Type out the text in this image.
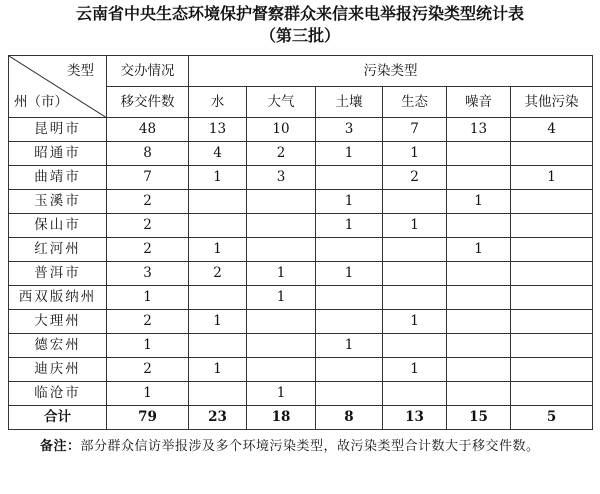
云南省中央生态环境保护督察群众来信来电举报污染类型统计表
（第三批）
类型
州（市）	交办情况	污染类型					
	移交件数	水	大气	土壤	生态	噪音	其他污染
昆明市	48	13	10	3	7	13	4
昭通市	8	4	2	1	1		
曲靖市	7	1	3		2		1
玉溪市	2			1		1	
保山市	2			1	1		
红河州	2	1				1	
普洱市	3	2	1	1			
西双版纳州	1		1				
大理州	2	1			1		
德宏州	1			1			
迪庆州	2	1			1		
临沧市	1		1				
合计	79	23	18	8	13	15	5
备注：部分群众信访举报涉及多个环境污染类型，故污染类型合计数大于移交件数。
